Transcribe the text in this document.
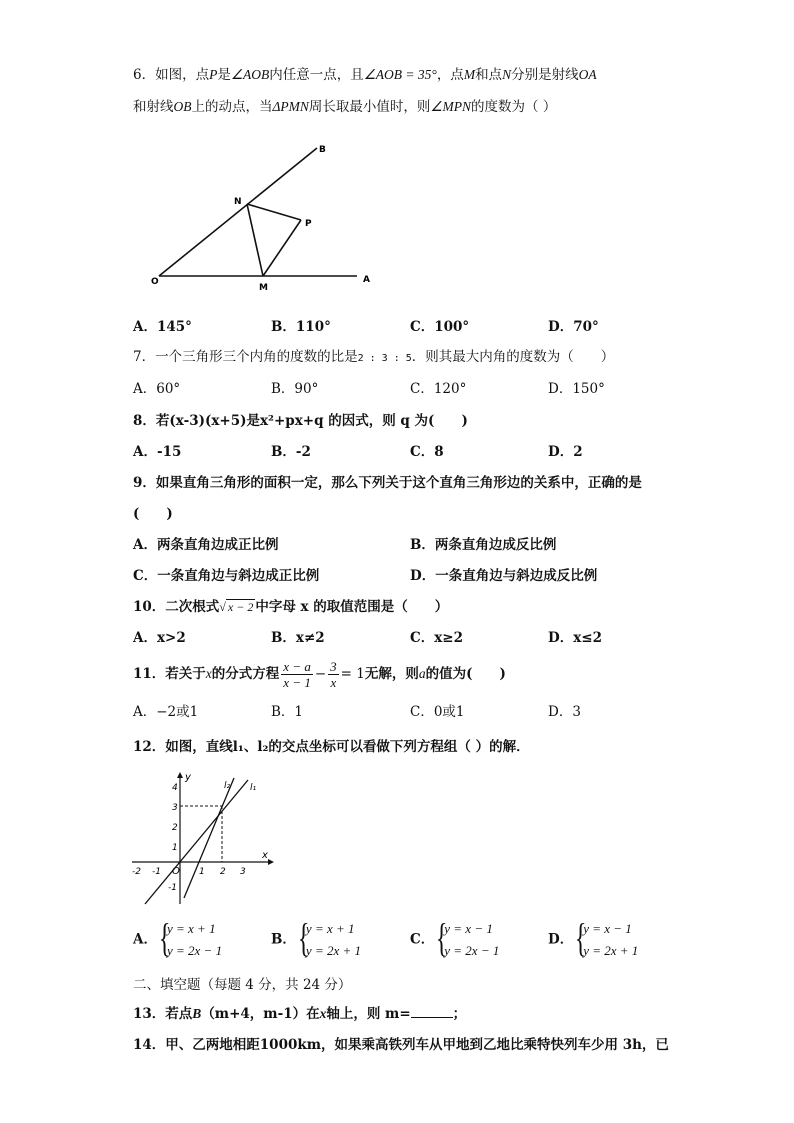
6．如图，点P是∠AOB内任意一点，且∠AOB = 35°，点M和点N分别是射线OA
和射线OB上的动点，当ΔPMN周长取最小值时，则∠MPN的度数为（ ）
B
N
P
O
M
A
A．145°	B．110°	C．100°	D．70°
7．一个三角形三个内角的度数的比是2 : 3 : 5．则其最大内角的度数为（　　）
A．60°	B．90°	C．120°	D．150°
8．若(x-3)(x+5)是x²+px+q 的因式，则 q 为(　　)
A．-15	B．-2	C．8	D．2
9．如果直角三角形的面积一定，那么下列关于这个直角三角形边的关系中，正确的是
(　　)
A．两条直角边成正比例	B．两条直角边成反比例
C．一条直角边与斜边成正比例	D．一条直角边与斜边成反比例
10．二次根式√ x − 2 中字母 x 的取值范围是（　　）
A．x>2	B．x≠2	C．x≥2	D．x≤2
11．若关于x的分式方程 $\frac{x - a}{x - 1} - \frac{3}{x} = 1$无解，则a的值为(　　)
A．−2或1	B．1	C．0或1	D．3
12．如图，直线l₁、l₂的交点坐标可以看做下列方程组（ ）的解．
-2 -1	1 2 3
4
3
2
1
-1
x
y
O
l₂ l₁
A．
{ y = x + 1
y = 2x − 1
B．
{ y = x + 1
y = 2x + 1
C．
{ y = x − 1
y = 2x − 1
D．
{ y = x − 1
y = 2x + 1
二、填空题（每题 4 分，共 24 分）
13．若点B（m+4，m-1）在x轴上，则 m=	；
14．甲、乙两地相距1000km，如果乘高铁列车从甲地到乙地比乘特快列车少用 3h，已
